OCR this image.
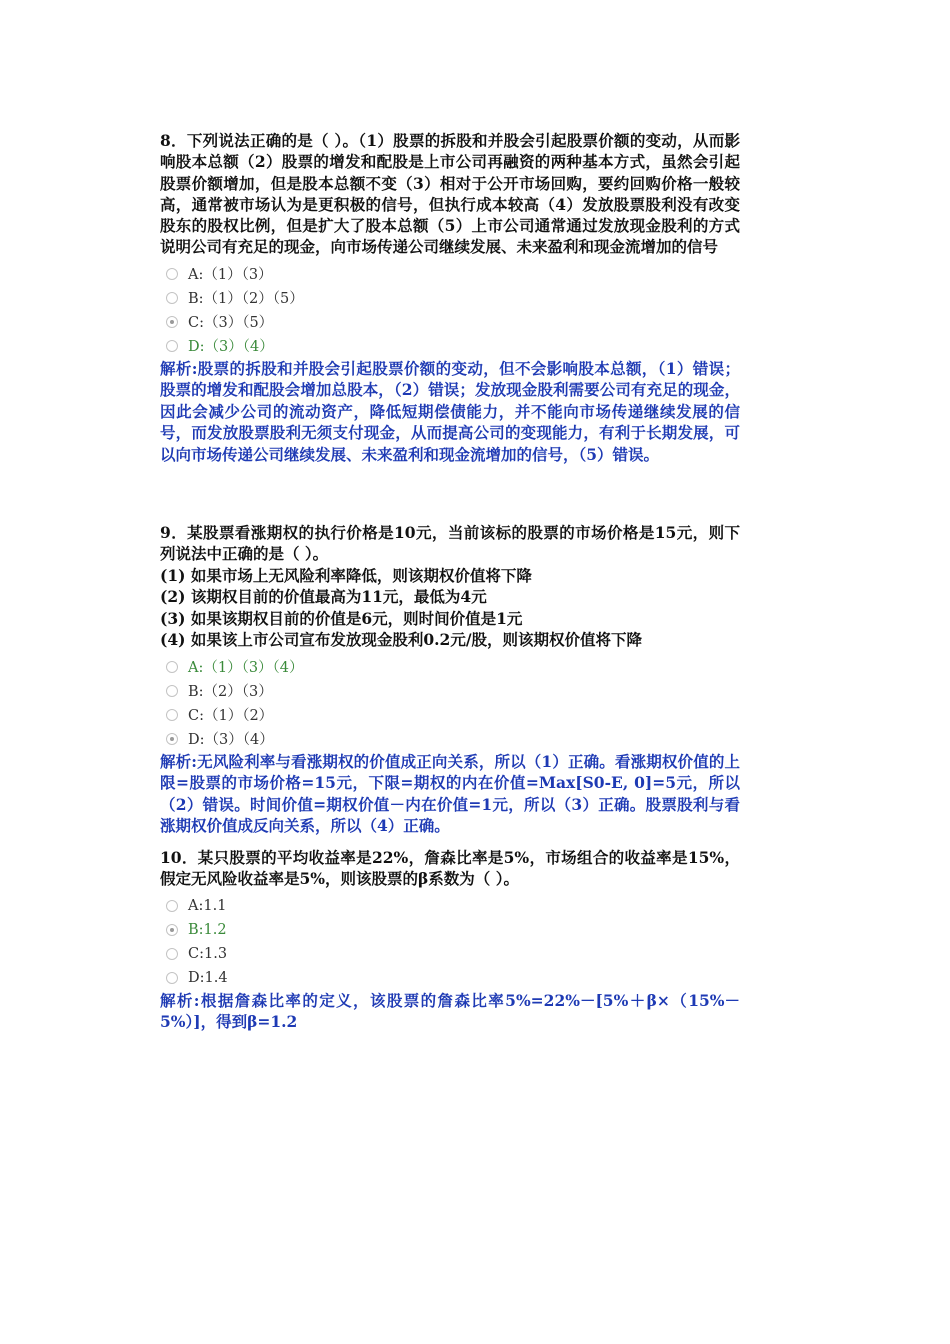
8．下列说法正确的是（ ）。（1）股票的拆股和并股会引起股票价额的变动，从而影响股本总额（2）股票的增发和配股是上市公司再融资的两种基本方式，虽然会引起股票价额增加，但是股本总额不变（3）相对于公开市场回购，要约回购价格一般较高，通常被市场认为是更积极的信号，但执行成本较高（4）发放股票股利没有改变股东的股权比例，但是扩大了股本总额（5）上市公司通常通过发放现金股利的方式说明公司有充足的现金，向市场传递公司继续发展、未来盈利和现金流增加的信号

A:（1）（3）
B:（1）（2）（5）
C:（3）（5）
D:（3）（4）

解析:股票的拆股和并股会引起股票价额的变动，但不会影响股本总额，（1）错误；股票的增发和配股会增加总股本，（2）错误；发放现金股利需要公司有充足的现金，因此会减少公司的流动资产，降低短期偿债能力，并不能向市场传递继续发展的信号，而发放股票股利无须支付现金，从而提高公司的变现能力，有利于长期发展，可以向市场传递公司继续发展、未来盈利和现金流增加的信号，（5）错误。

9．某股票看涨期权的执行价格是10元，当前该标的股票的市场价格是15元，则下列说法中正确的是（ ）。

(1) 如果市场上无风险利率降低，则该期权价值将下降
(2) 该期权目前的价值最高为11元，最低为4元
(3) 如果该期权目前的价值是6元，则时间价值是1元
(4) 如果该上市公司宣布发放现金股利0.2元/股，则该期权价值将下降
A:（1）（3）（4）
B:（2）（3）
C:（1）（2）
D:（3）（4）

解析:无风险利率与看涨期权的价值成正向关系，所以（1）正确。看涨期权价值的上限=股票的市场价格=15元，下限=期权的内在价值=Max[S0-E, 0]=5元，所以（2）错误。时间价值=期权价值－内在价值=1元，所以（3）正确。股票股利与看涨期权价值成反向关系，所以（4）正确。

10．某只股票的平均收益率是22%，詹森比率是5%，市场组合的收益率是15%，假定无风险收益率是5%，则该股票的β系数为（ ）。

A:1.1
B:1.2
C:1.3
D:1.4

解析:根据詹森比率的定义，该股票的詹森比率5%=22%－[5%＋β×（15%－5%）]，得到β=1.2
